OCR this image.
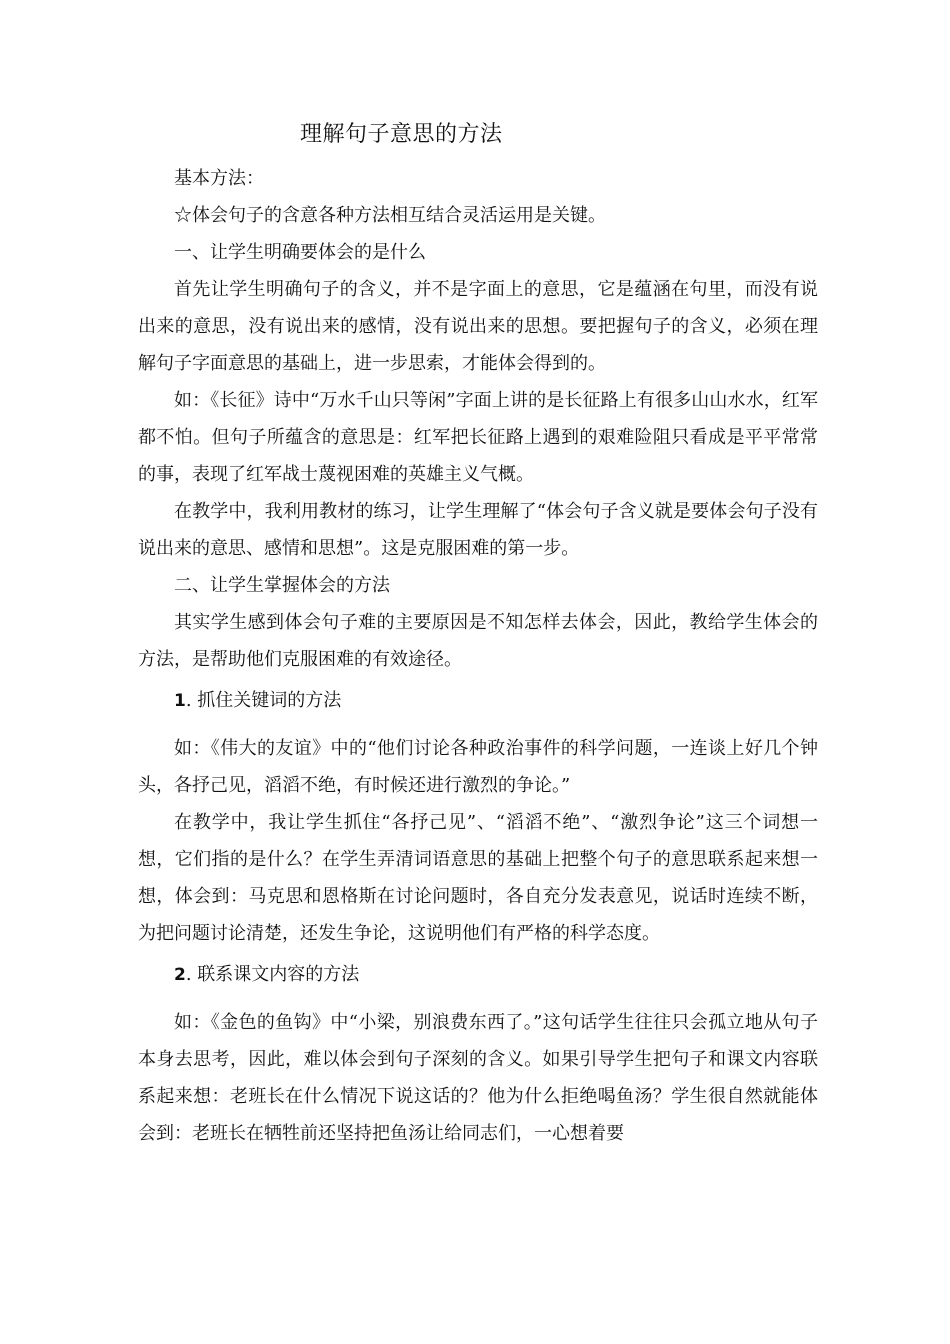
理解句子意思的方法

基本方法：

☆体会句子的含意各种方法相互结合灵活运用是关键。

一、让学生明确要体会的是什么

首先让学生明确句子的含义，并不是字面上的意思，它是蕴涵在句里，而没有说出来的意思，没有说出来的感情，没有说出来的思想。要把握句子的含义，必须在理解句子字面意思的基础上，进一步思索，才能体会得到的。

如：《长征》诗中“万水千山只等闲”字面上讲的是长征路上有很多山山水水，红军都不怕。但句子所蕴含的意思是：红军把长征路上遇到的艰难险阻只看成是平平常常的事，表现了红军战士蔑视困难的英雄主义气概。

在教学中，我利用教材的练习，让学生理解了“体会句子含义就是要体会句子没有说出来的意思、感情和思想”。这是克服困难的第一步。

二、让学生掌握体会的方法

其实学生感到体会句子难的主要原因是不知怎样去体会，因此，教给学生体会的方法，是帮助他们克服困难的有效途径。

1. 抓住关键词的方法

如：《伟大的友谊》中的“他们讨论各种政治事件的科学问题，一连谈上好几个钟头，各抒己见，滔滔不绝，有时候还进行激烈的争论。”

在教学中，我让学生抓住“各抒己见”、“滔滔不绝”、“激烈争论”这三个词想一想，它们指的是什么？在学生弄清词语意思的基础上把整个句子的意思联系起来想一想，体会到：马克思和恩格斯在讨论问题时，各自充分发表意见，说话时连续不断，为把问题讨论清楚，还发生争论，这说明他们有严格的科学态度。

2. 联系课文内容的方法

如：《金色的鱼钩》中“小梁，别浪费东西了。”这句话学生往往只会孤立地从句子本身去思考，因此，难以体会到句子深刻的含义。如果引导学生把句子和课文内容联系起来想：老班长在什么情况下说这话的？他为什么拒绝喝鱼汤？学生很自然就能体会到：老班长在牺牲前还坚持把鱼汤让给同志们，一心想着要
